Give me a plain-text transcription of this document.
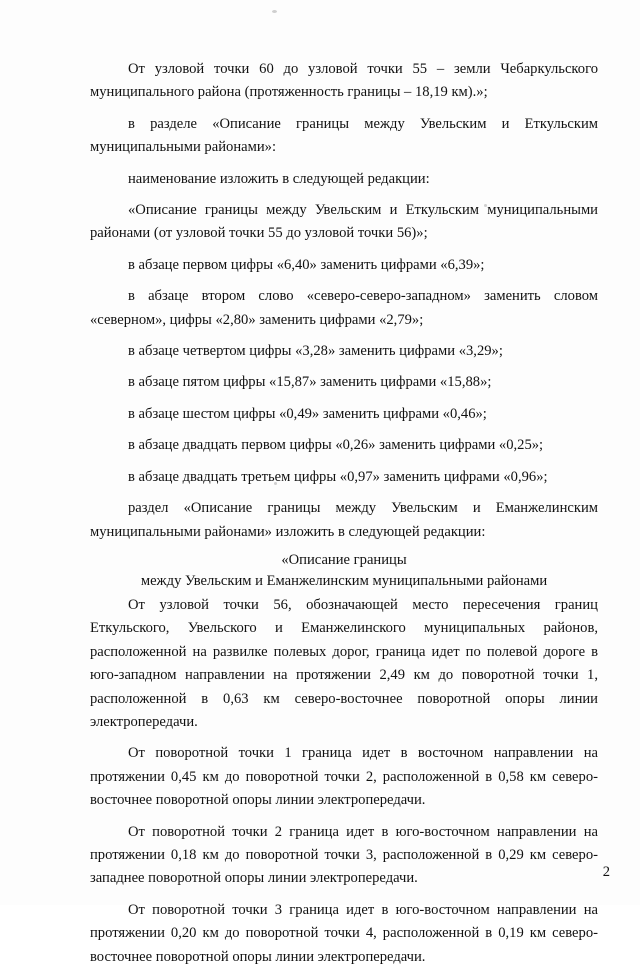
От узловой точки 60 до узловой точки 55 – земли Чебаркульского муниципального района (протяженность границы – 18,19 км).»;

в разделе «Описание границы между Увельским и Еткульским муниципальными районами»:

наименование изложить в следующей редакции:

«Описание границы между Увельским и Еткульским муниципальными районами (от узловой точки 55 до узловой точки 56)»;

в абзаце первом цифры «6,40» заменить цифрами «6,39»;

в абзаце втором слово «северо-северо-западном» заменить словом «северном», цифры «2,80» заменить цифрами «2,79»;

в абзаце четвертом цифры «3,28» заменить цифрами «3,29»;

в абзаце пятом цифры «15,87» заменить цифрами «15,88»;

в абзаце шестом цифры «0,49» заменить цифрами «0,46»;

в абзаце двадцать первом цифры «0,26» заменить цифрами «0,25»;

в абзаце двадцать третьем цифры «0,97» заменить цифрами «0,96»;

раздел «Описание границы между Увельским и Еманжелинским муниципальными районами» изложить в следующей редакции:

«Описание границы
между Увельским и Еманжелинским муниципальными районами

От узловой точки 56, обозначающей место пересечения границ Еткульского, Увельского и Еманжелинского муниципальных районов, расположенной на развилке полевых дорог, граница идет по полевой дороге в юго-западном направлении на протяжении 2,49 км до поворотной точки 1, расположенной в 0,63 км северо-восточнее поворотной опоры линии электропередачи.

От поворотной точки 1 граница идет в восточном направлении на протяжении 0,45 км до поворотной точки 2, расположенной в 0,58 км северо-восточнее поворотной опоры линии электропередачи.

От поворотной точки 2 граница идет в юго-восточном направлении на протяжении 0,18 км до поворотной точки 3, расположенной в 0,29 км северо-западнее поворотной опоры линии электропередачи.

От поворотной точки 3 граница идет в юго-восточном направлении на протяжении 0,20 км до поворотной точки 4, расположенной в 0,19 км северо-восточнее поворотной опоры линии электропередачи.

2
